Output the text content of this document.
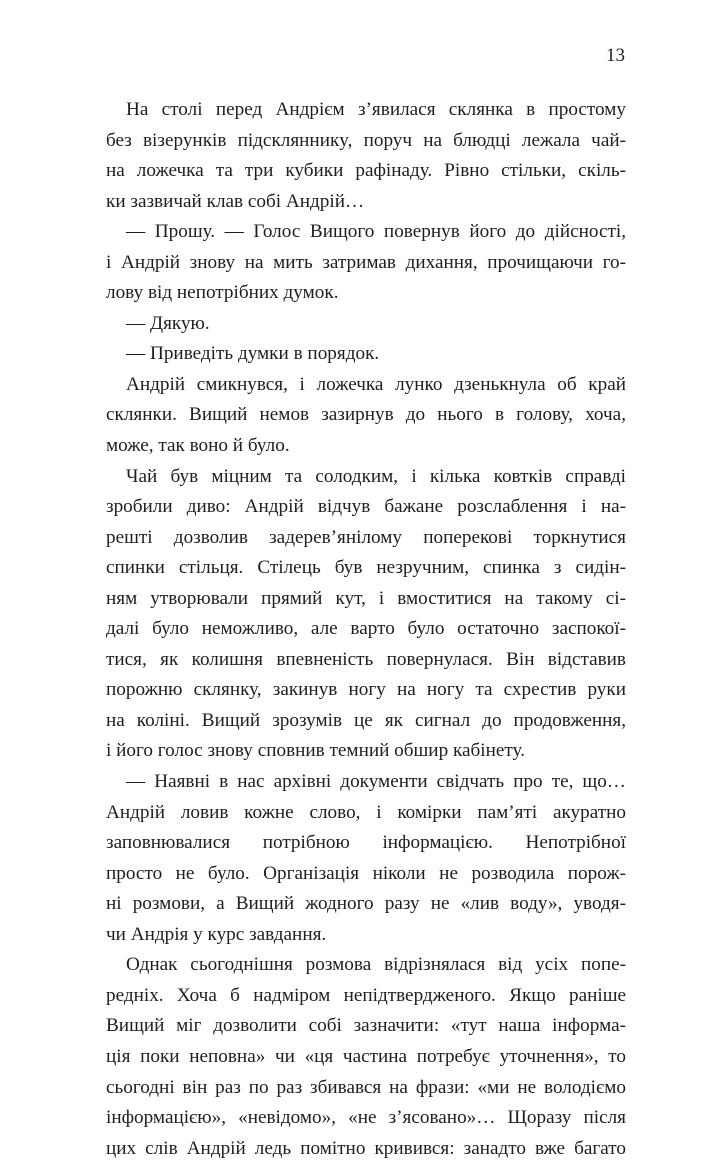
13
На столі перед Андрієм з’явилася склянка в простому
без візерунків підсклянникy, поруч на блюдці лежала чай-
на ложечка та три кубики рафінаду. Рівно стільки, скіль-
ки зазвичай клав собі Андрій…
— Прошу. — Голос Вищого повернув його до дійсності,
і Андрій знову на мить затримав дихання, прочищаючи го-
лову від непотрібних думок.
— Дякую.
— Приведіть думки в порядок.
Андрій смикнувся, і ложечка лунко дзенькнула об край
склянки. Вищий немов зазирнув до нього в голову, хоча,
може, так воно й було.
Чай був міцним та солодким, і кілька ковтків справді
зробили диво: Андрій відчув бажане розслаблення і на-
решті дозволив задерев’янілому поперекові торкнутися
спинки стільця. Стілець був незручним, спинка з сидін-
ням утворювали прямий кут, і вмоститися на такому сі-
далі було неможливо, але варто було остаточно заспокої-
тися, як колишня впевненість повернулася. Він відставив
порожню склянку, закинув ногу на ногу та схрестив руки
на коліні. Вищий зрозумів це як сигнал до продовження,
і його голос знову сповнив темний обшир кабінету.
— Наявні в нас архівні документи свідчать про те, що…
Андрій ловив кожне слово, і комірки пам’яті акуратно
заповнювалися потрібною інформацією. Непотрібної
просто не було. Організація ніколи не розводила порож-
ні розмови, а Вищий жодного разу не «лив воду», уводя-
чи Андрія у курс завдання.
Однак сьогоднішня розмова відрізнялася від усіх попе-
редніх. Хоча б надміром непідтвердженого. Якщо раніше
Вищий міг дозволити собі зазначити: «тут наша інформа-
ція поки неповна» чи «ця частина потребує уточнення», то
сьогодні він раз по раз збивався на фрази: «ми не володіємо
інформацією», «невідомо», «не з’ясовано»… Щоразу після
цих слів Андрій ледь помітно кривився: занадто вже багато
